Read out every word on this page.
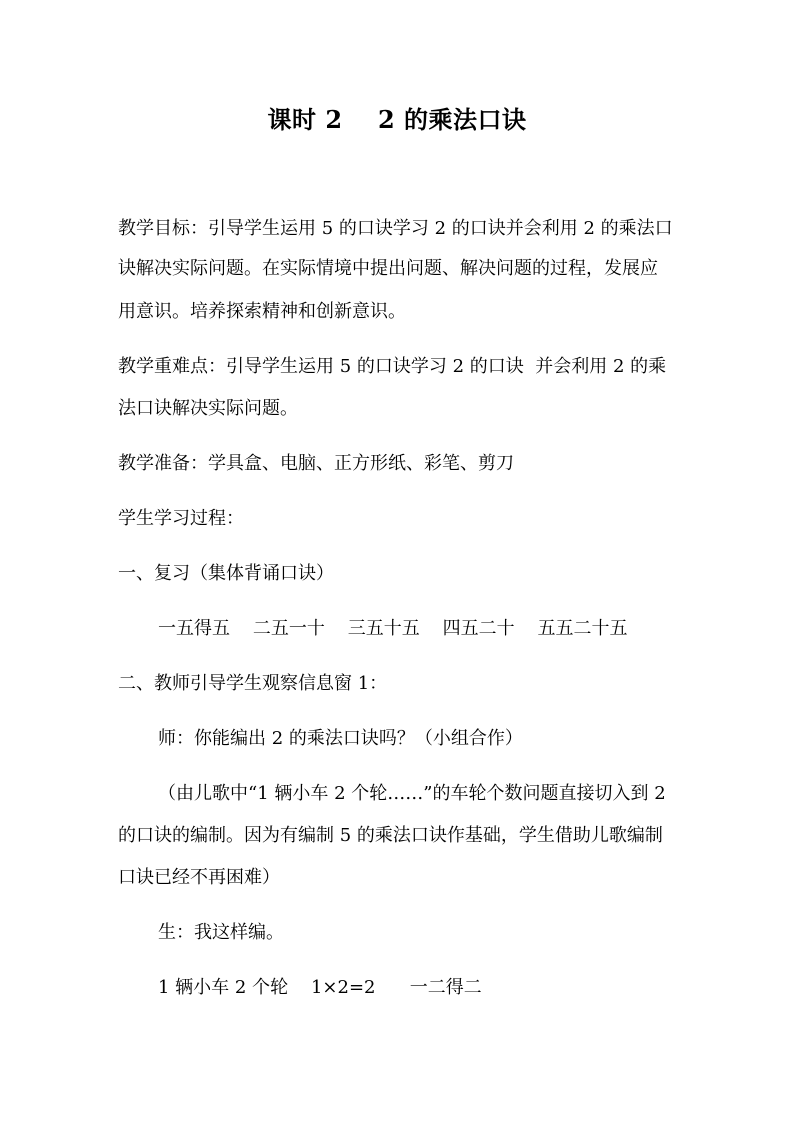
课时 2    2 的乘法口诀
教学目标：引导学生运用 5 的口诀学习 2 的口诀并会利用 2 的乘法口
诀解决实际问题。在实际情境中提出问题、解决问题的过程，发展应
用意识。培养探索精神和创新意识。
教学重难点：引导学生运用 5 的口诀学习 2 的口诀  并会利用 2 的乘
法口诀解决实际问题。
教学准备：学具盒、电脑、正方形纸、彩笔、剪刀
学生学习过程：
一、复习（集体背诵口诀）
一五得五    二五一十    三五十五    四五二十    五五二十五
二、教师引导学生观察信息窗 1：
师：你能编出 2 的乘法口诀吗？（小组合作）
（由儿歌中“1 辆小车 2 个轮……”的车轮个数问题直接切入到 2
的口诀的编制。因为有编制 5 的乘法口诀作基础，学生借助儿歌编制
口诀已经不再困难）
生：我这样编。
1 辆小车 2 个轮    1×2=2      一二得二
